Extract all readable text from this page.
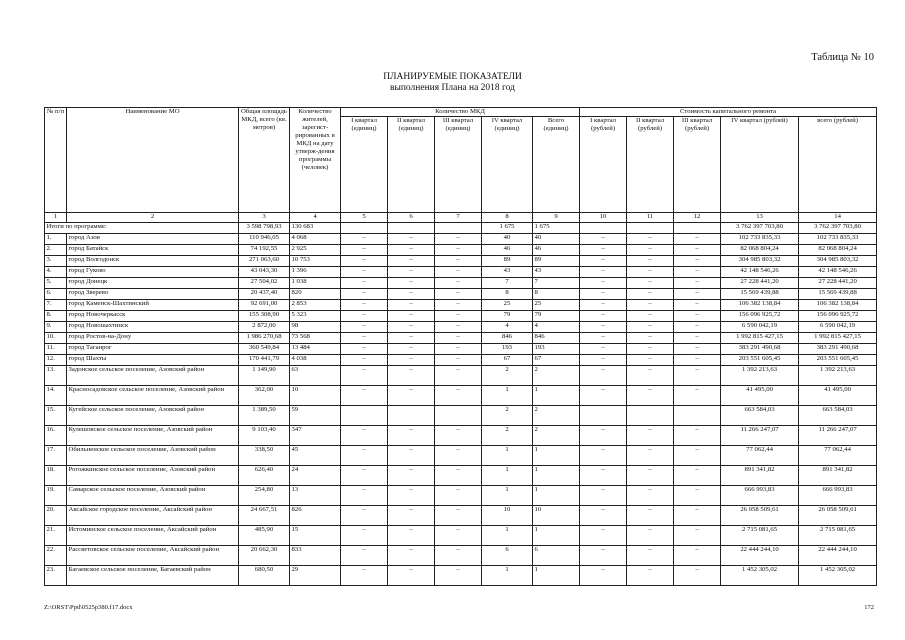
Таблица № 10
ПЛАНИРУЕМЫЕ ПОКАЗАТЕЛИ
выполнения Плана на 2018 год
№ п/п	Наименование МО	Общая площадь МКД, всего (кв. метров)	Количество жителей, зарегист-рированных в МКД на дату утверж-дения программы (человек)	Количество МКД					Стоимость капитального ремонта				
				I квартал (единиц)	II квартал (единиц)	III квартал (единиц)	IV квартал (единиц)	Всего (единиц)	I квартал (рублей)	II квартал (рублей)	III квартал (рублей)	IV квартал (рублей)	всего (рублей)
1	2	3	4	5	6	7	8	9	10	11	12	13	14
Итоги по программе:		3 598 798,93	130 683				1 675	1 675				3 762 397 703,80	3 762 397 703,80
1.	город Азов	110 946,05	4 068	–	–	–	40	40	–	–	–	102 733 835,33	102 733 835,33
2.	город Батайск	74 192,55	2 925	–	–	–	46	46	–	–	–	82 068 804,24	82 068 804,24
3.	город Волгодонск	271 063,60	10 753	–	–	–	89	89	–	–	–	304 985 803,32	304 985 803,32
4.	город Гуково	43 043,30	1 396	–	–	–	43	43	–	–	–	42 148 546,26	42 148 546,26
5.	город Донецк	27 504,02	1 038	–	–	–	7	7	–	–	–	27 228 441,20	27 228 441,20
6.	город Зверево	20 437,40	820	–	–	–	8	8	–	–	–	15 569 439,88	15 569 439,88
7.	город Каменск-Шахтинский	92 691,00	2 853	–	–	–	25	25	–	–	–	106 382 138,84	106 382 138,84
8.	город Новочеркасск	155 308,90	5 323	–	–	–	79	79	–	–	–	156 096 925,72	156 096 925,72
9.	город Новошахтинск	2 872,00	98	–	–	–	4	4	–	–	–	6 590 042,19	6 590 042,19
10.	город Ростов-на-Дону	1 986 270,68	73 568	–	–	–	846	846	–	–	–	1 992 815 427,15	1 992 815 427,15
11.	город Таганрог	360 549,84	13 484	–	–	–	193	193	–	–	–	383 291 490,68	383 291 490,68
12.	город Шахты	170 441,79	4 038	–	–	–	67	67	–	–	–	203 551 605,45	203 551 605,45
13.	Задонское сельское поселение, Азовский район	1 149,90	63	–	–	–	2	2	–	–	–	1 392 213,63	1 392 213,63
14.	Красносадовское сельское поселение, Азовский район	362,00	10	–	–	–	1	1	–	–	–	41 495,00	41 495,00
15.	Кугейское сельское поселение, Азовский район	1 389,50	59				2	2				663 584,03	663 584,03
16.	Кулешовское сельское поселение, Азовский район	9 103,40	347	–	–	–	2	2	–	–	–	11 266 247,07	11 266 247,07
17.	Обильненское сельское поселение, Азовский район	338,50	45	–	–	–	1	1	–	–	–	77 062,44	77 062,44
18.	Рогожкинское сельское поселение, Азовский район	626,40	24	–	–	–	1	1	–	–	–	891 341,82	891 341,82
19.	Самарское сельское поселение, Азовский район	254,80	13	–	–	–	1	1	–	–	–	666 993,83	666 993,83
20.	Аксайское городское поселение, Аксайский район	24 667,51	826	–	–	–	10	10	–	–	–	26 058 509,61	26 058 509,61
21.	Истоминское сельское поселение, Аксайский район	485,90	15	–	–	–	1	1	–	–	–	2 715 081,65	2 715 081,65
22.	Рассветовское сельское поселение, Аксайский район	20 662,30	833	–	–	–	6	6	–	–	–	22 444 244,10	22 444 244,10
23.	Багаевское сельское поселение, Багаевский район	680,50	29	–	–	–	1	1	–	–	–	1 452 305,02	1 452 305,02
Z:\ORST\Ppd\0525p380.f17.docx	172
